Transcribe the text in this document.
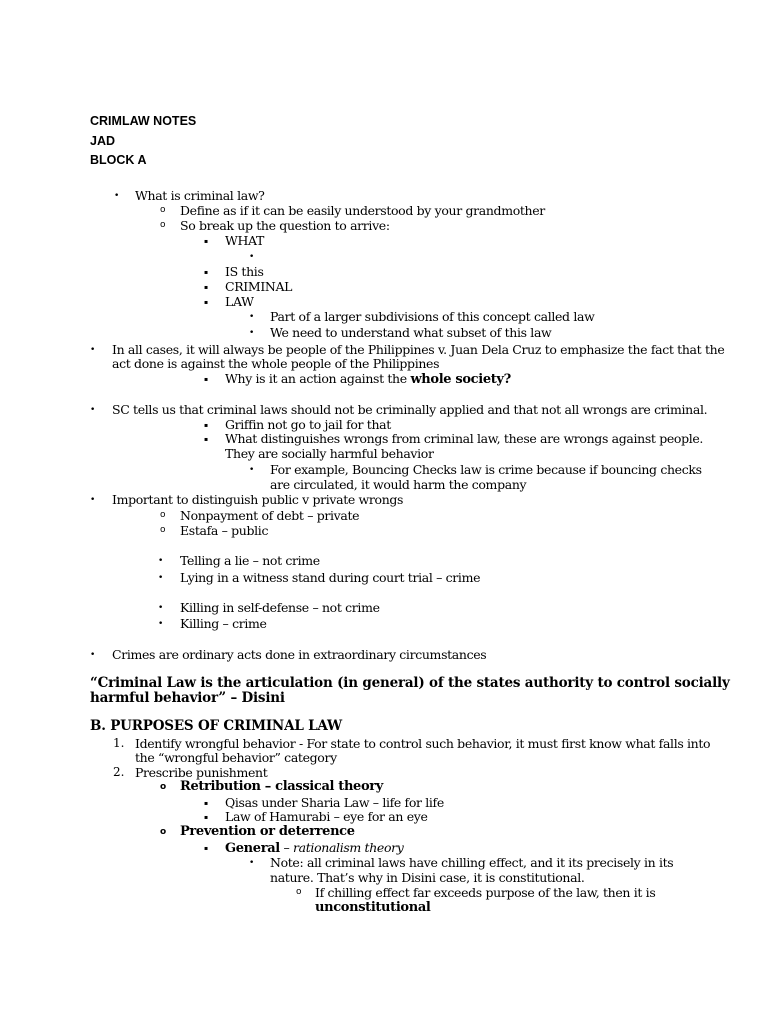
CRIMLAW NOTES
JAD
BLOCK A
• What is criminal law?
o Define as if it can be easily understood by your grandmother
o So break up the question to arrive:
▪ WHAT
•
▪ IS this
▪ CRIMINAL
▪ LAW
• Part of a larger subdivisions of this concept called law
• We need to understand what subset of this law
• In all cases, it will always be people of the Philippines v. Juan Dela Cruz to emphasize the fact that the
act done is against the whole people of the Philippines
▪ Why is it an action against the whole society?
• SC tells us that criminal laws should not be criminally applied and that not all wrongs are criminal.
▪ Griffin not go to jail for that
▪ What distinguishes wrongs from criminal law, these are wrongs against people.
They are socially harmful behavior
• For example, Bouncing Checks law is crime because if bouncing checks
are circulated, it would harm the company
• Important to distinguish public v private wrongs
o Nonpayment of debt – private
o Estafa – public
• Telling a lie – not crime
• Lying in a witness stand during court trial – crime
• Killing in self-defense – not crime
• Killing – crime
• Crimes are ordinary acts done in extraordinary circumstances
“Criminal Law is the articulation (in general) of the states authority to control socially
harmful behavior” – Disini
B. PURPOSES OF CRIMINAL LAW
1. Identify wrongful behavior - For state to control such behavior, it must first know what falls into
the “wrongful behavior” category
2. Prescribe punishment
o Retribution – classical theory
▪ Qisas under Sharia Law – life for life
▪ Law of Hamurabi – eye for an eye
o Prevention or deterrence
▪ General – rationalism theory
• Note: all criminal laws have chilling effect, and it its precisely in its
nature. That’s why in Disini case, it is constitutional.
o If chilling effect far exceeds purpose of the law, then it is
unconstitutional
